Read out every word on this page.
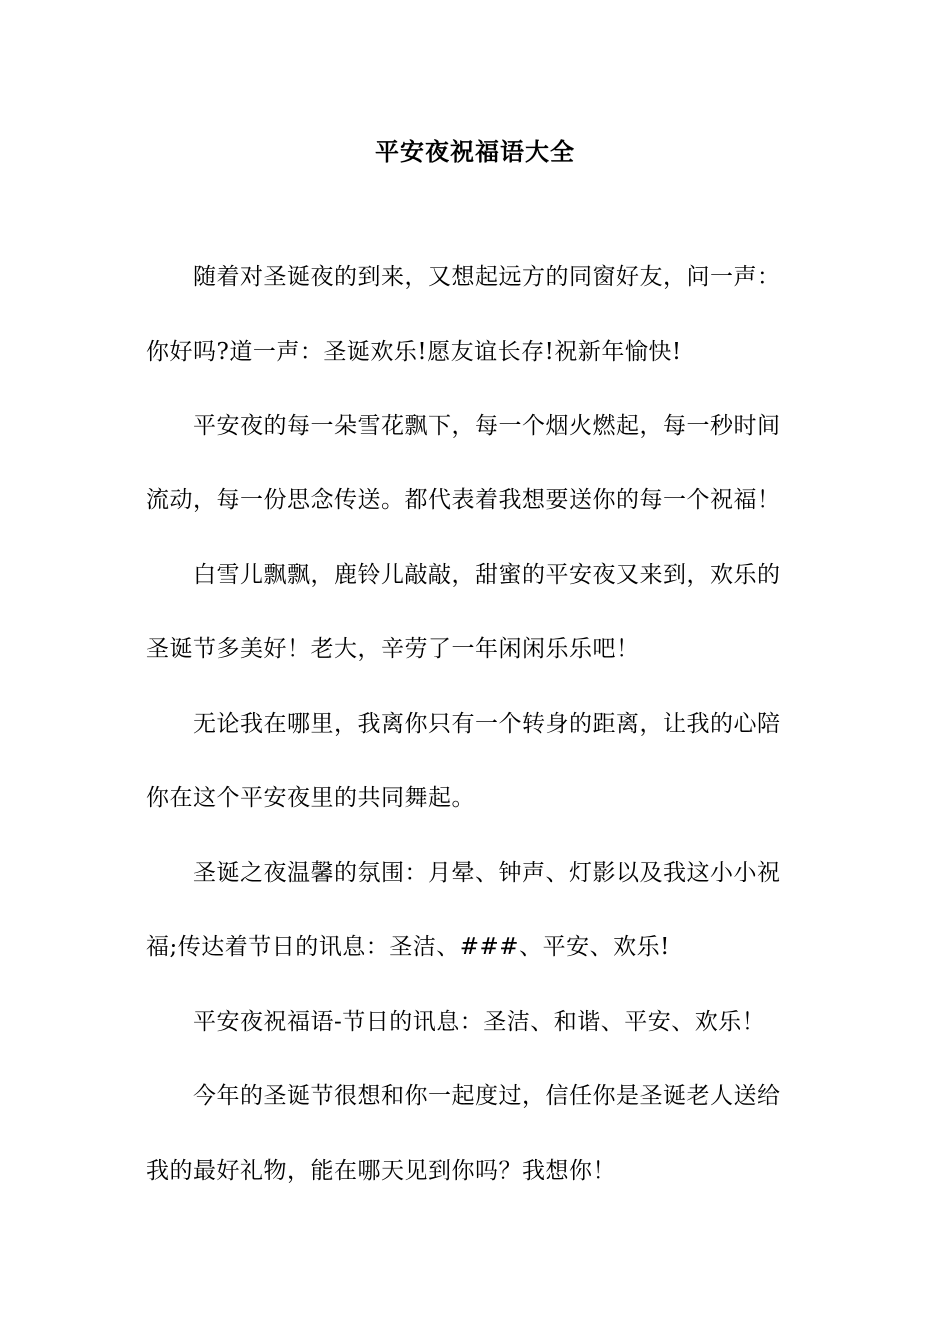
平安夜祝福语大全
随着对圣诞夜的到来，又想起远方的同窗好友，问一声：
你好吗?道一声：圣诞欢乐!愿友谊长存!祝新年愉快!
平安夜的每一朵雪花飘下，每一个烟火燃起，每一秒时间
流动，每一份思念传送。都代表着我想要送你的每一个祝福！
白雪儿飘飘，鹿铃儿敲敲，甜蜜的平安夜又来到，欢乐的
圣诞节多美好！老大，辛劳了一年闲闲乐乐吧！
无论我在哪里，我离你只有一个转身的距离，让我的心陪
你在这个平安夜里的共同舞起。
圣诞之夜温馨的氛围：月晕、钟声、灯影以及我这小小祝
福;传达着节日的讯息：圣洁、###、平安、欢乐!
平安夜祝福语-节日的讯息：圣洁、和谐、平安、欢乐！
今年的圣诞节很想和你一起度过，信任你是圣诞老人送给
我的最好礼物，能在哪天见到你吗？我想你！
